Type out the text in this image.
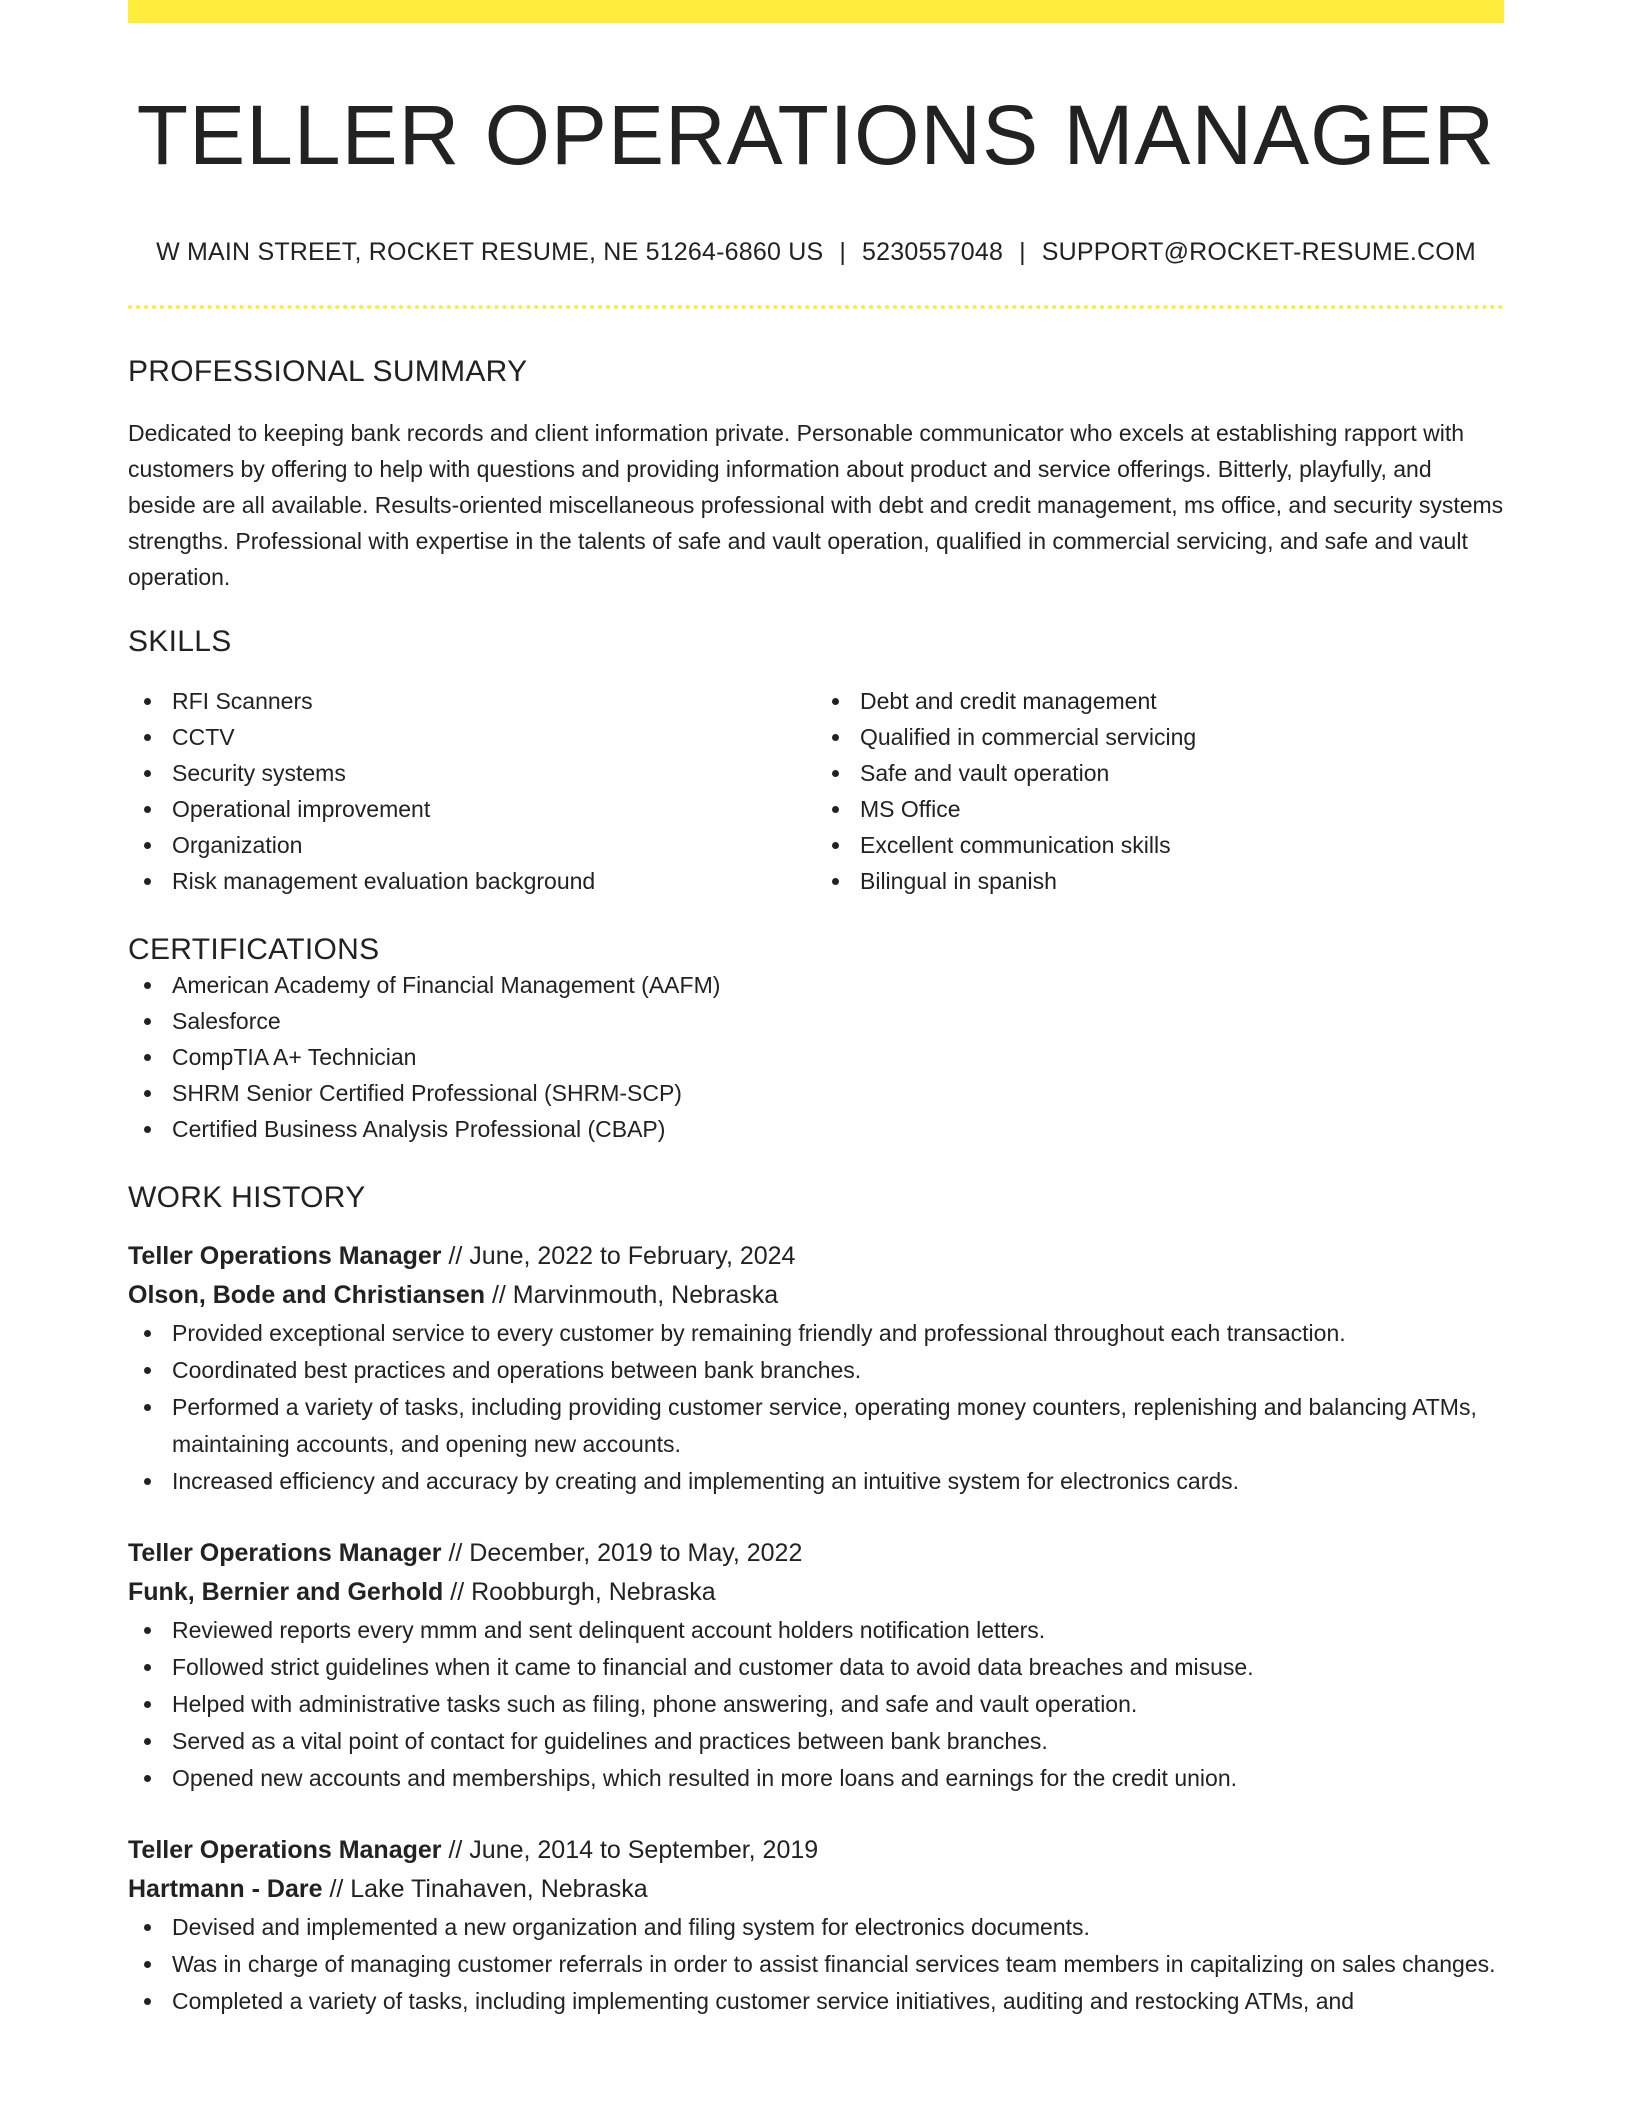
TELLER OPERATIONS MANAGER
W MAIN STREET, ROCKET RESUME, NE 51264-6860 US | 5230557048 | SUPPORT@ROCKET-RESUME.COM
PROFESSIONAL SUMMARY
Dedicated to keeping bank records and client information private. Personable communicator who excels at establishing rapport with customers by offering to help with questions and providing information about product and service offerings. Bitterly, playfully, and beside are all available. Results-oriented miscellaneous professional with debt and credit management, ms office, and security systems strengths. Professional with expertise in the talents of safe and vault operation, qualified in commercial servicing, and safe and vault operation.
SKILLS
RFI Scanners
CCTV
Security systems
Operational improvement
Organization
Risk management evaluation background
Debt and credit management
Qualified in commercial servicing
Safe and vault operation
MS Office
Excellent communication skills
Bilingual in spanish
CERTIFICATIONS
American Academy of Financial Management (AAFM)
Salesforce
CompTIA A+ Technician
SHRM Senior Certified Professional (SHRM-SCP)
Certified Business Analysis Professional (CBAP)
WORK HISTORY
Teller Operations Manager // June, 2022 to February, 2024
Olson, Bode and Christiansen // Marvinmouth, Nebraska
Provided exceptional service to every customer by remaining friendly and professional throughout each transaction.
Coordinated best practices and operations between bank branches.
Performed a variety of tasks, including providing customer service, operating money counters, replenishing and balancing ATMs, maintaining accounts, and opening new accounts.
Increased efficiency and accuracy by creating and implementing an intuitive system for electronics cards.
Teller Operations Manager // December, 2019 to May, 2022
Funk, Bernier and Gerhold // Roobburgh, Nebraska
Reviewed reports every mmm and sent delinquent account holders notification letters.
Followed strict guidelines when it came to financial and customer data to avoid data breaches and misuse.
Helped with administrative tasks such as filing, phone answering, and safe and vault operation.
Served as a vital point of contact for guidelines and practices between bank branches.
Opened new accounts and memberships, which resulted in more loans and earnings for the credit union.
Teller Operations Manager // June, 2014 to September, 2019
Hartmann - Dare // Lake Tinahaven, Nebraska
Devised and implemented a new organization and filing system for electronics documents.
Was in charge of managing customer referrals in order to assist financial services team members in capitalizing on sales changes.
Completed a variety of tasks, including implementing customer service initiatives, auditing and restocking ATMs, and
